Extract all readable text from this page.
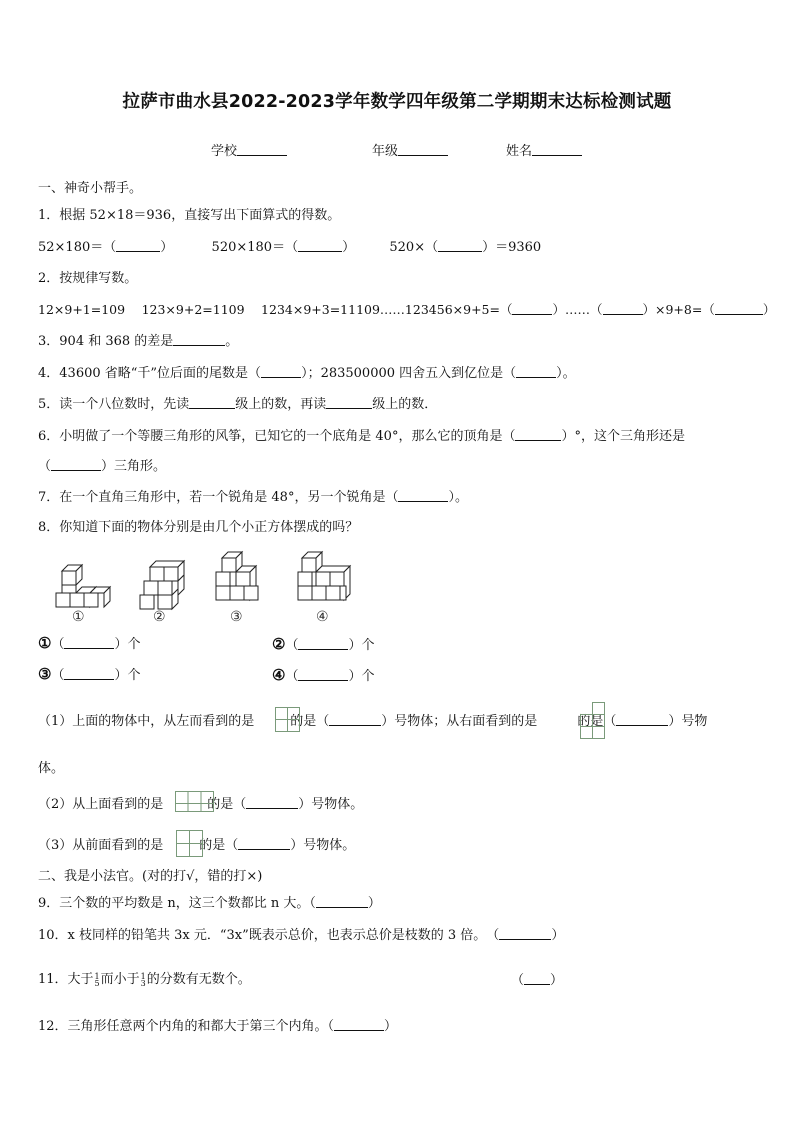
拉萨市曲水县2022-2023学年数学四年级第二学期期末达标检测试题
学校	年级	姓名
一、神奇小帮手。
1．根据 52×18＝936，直接写出下面算式的得数。
52×180＝（	）	520×180＝（	）	520×（	）＝9360
2．按规律写数。
12×9+1=109　 123×9+2=1109　 1234×9+3=11109……123456×9+5=（	）……（	）×9+8=（	）
3．904 和 368 的差是	。
4．43600 省略“千”位后面的尾数是（	）；283500000 四舍五入到亿位是（	）。
5．读一个八位数时，先读	级上的数，再读	级上的数．
6．小明做了一个等腰三角形的风筝，已知它的一个底角是 40°，那么它的顶角是（	）°，这个三角形还是
（	）三角形。
7．在一个直角三角形中，若一个锐角是 48°，另一个锐角是（	）。
8．你知道下面的物体分别是由几个小正方体摆成的吗？
①	②	③	④
①（	）个	②（	）个
③（	）个	④（	）个
（1）上面的物体中，从左而看到的是	的是（	）号物体；从右面看到的是	的是（	）号物
体。
（2）从上面看到的是	的是（	）号物体。
（3）从前面看到的是	的是（	）号物体。
二、我是小法官。(对的打√，错的打×)
9．三个数的平均数是 n，这三个数都比 n 大。（	）
10．x 枝同样的铅笔共 3x 元．“3x”既表示总价，也表示总价是枝数的 3 倍。　（	）
11．大于1
5而小于1
3的分数有无数个。	（ ）
12．三角形任意两个内角的和都大于第三个内角。（	）
